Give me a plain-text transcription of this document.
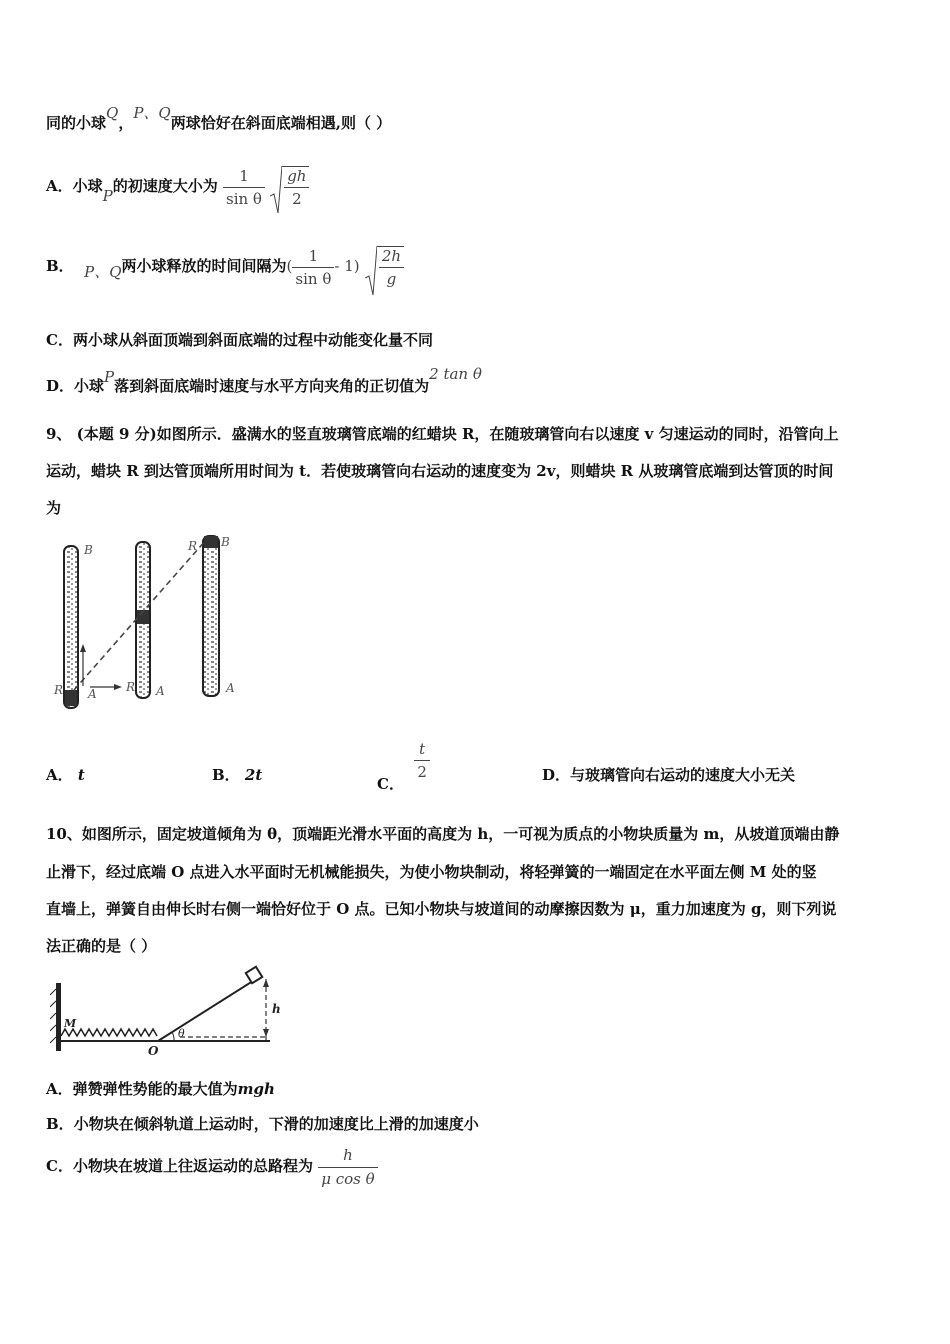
同的小球Q，P、Q两球恰好在斜面底端相遇,则（ ）
A．小球P的初速度大小为 $\frac{1}{\text{sin θ}}$
$\frac{gh}{2}$
B． P、Q两小球释放的时间间隔为( $\frac{1}{\text{sin θ}} - 1) \frac{2h}{g}$
C．两小球从斜面顶端到斜面底端的过程中动能变化量不同
D．小球P落到斜面底端时速度与水平方向夹角的正切值为2 tan θ
9、 (本题 9 分)如图所示．盛满水的竖直玻璃管底端的红蜡块 R，在随玻璃管向右以速度 v 匀速运动的同时，沿管向上
运动，蜡块 R 到达管顶端所用时间为 t．若使玻璃管向右运动的速度变为 2v，则蜡块 R 从玻璃管底端到达管顶的时间
为
B
B
R
R A R A	A
A． t	B． 2t	C．
$\frac{t}{2}$	D．与玻璃管向右运动的速度大小无关
10、如图所示，固定坡道倾角为 θ，顶端距光滑水平面的高度为 h，一可视为质点的小物块质量为 m，从坡道顶端由静
止滑下，经过底端 O 点进入水平面时无机械能损失，为使小物块制动，将轻弹簧的一端固定在水平面左侧 M 处的竖
直墙上，弹簧自由伸长时右侧一端恰好位于 O 点。已知小物块与坡道间的动摩擦因数为 μ，重力加速度为 g，则下列说
法正确的是（ ）
M
O
θ
h
A．弹赞弹性势能的最大值为mgh
B．小物块在倾斜轨道上运动时，下滑的加速度比上滑的加速度小
C．小物块在坡道上往返运动的总路程为 $\frac{h}{\text{μ cos θ}}$
